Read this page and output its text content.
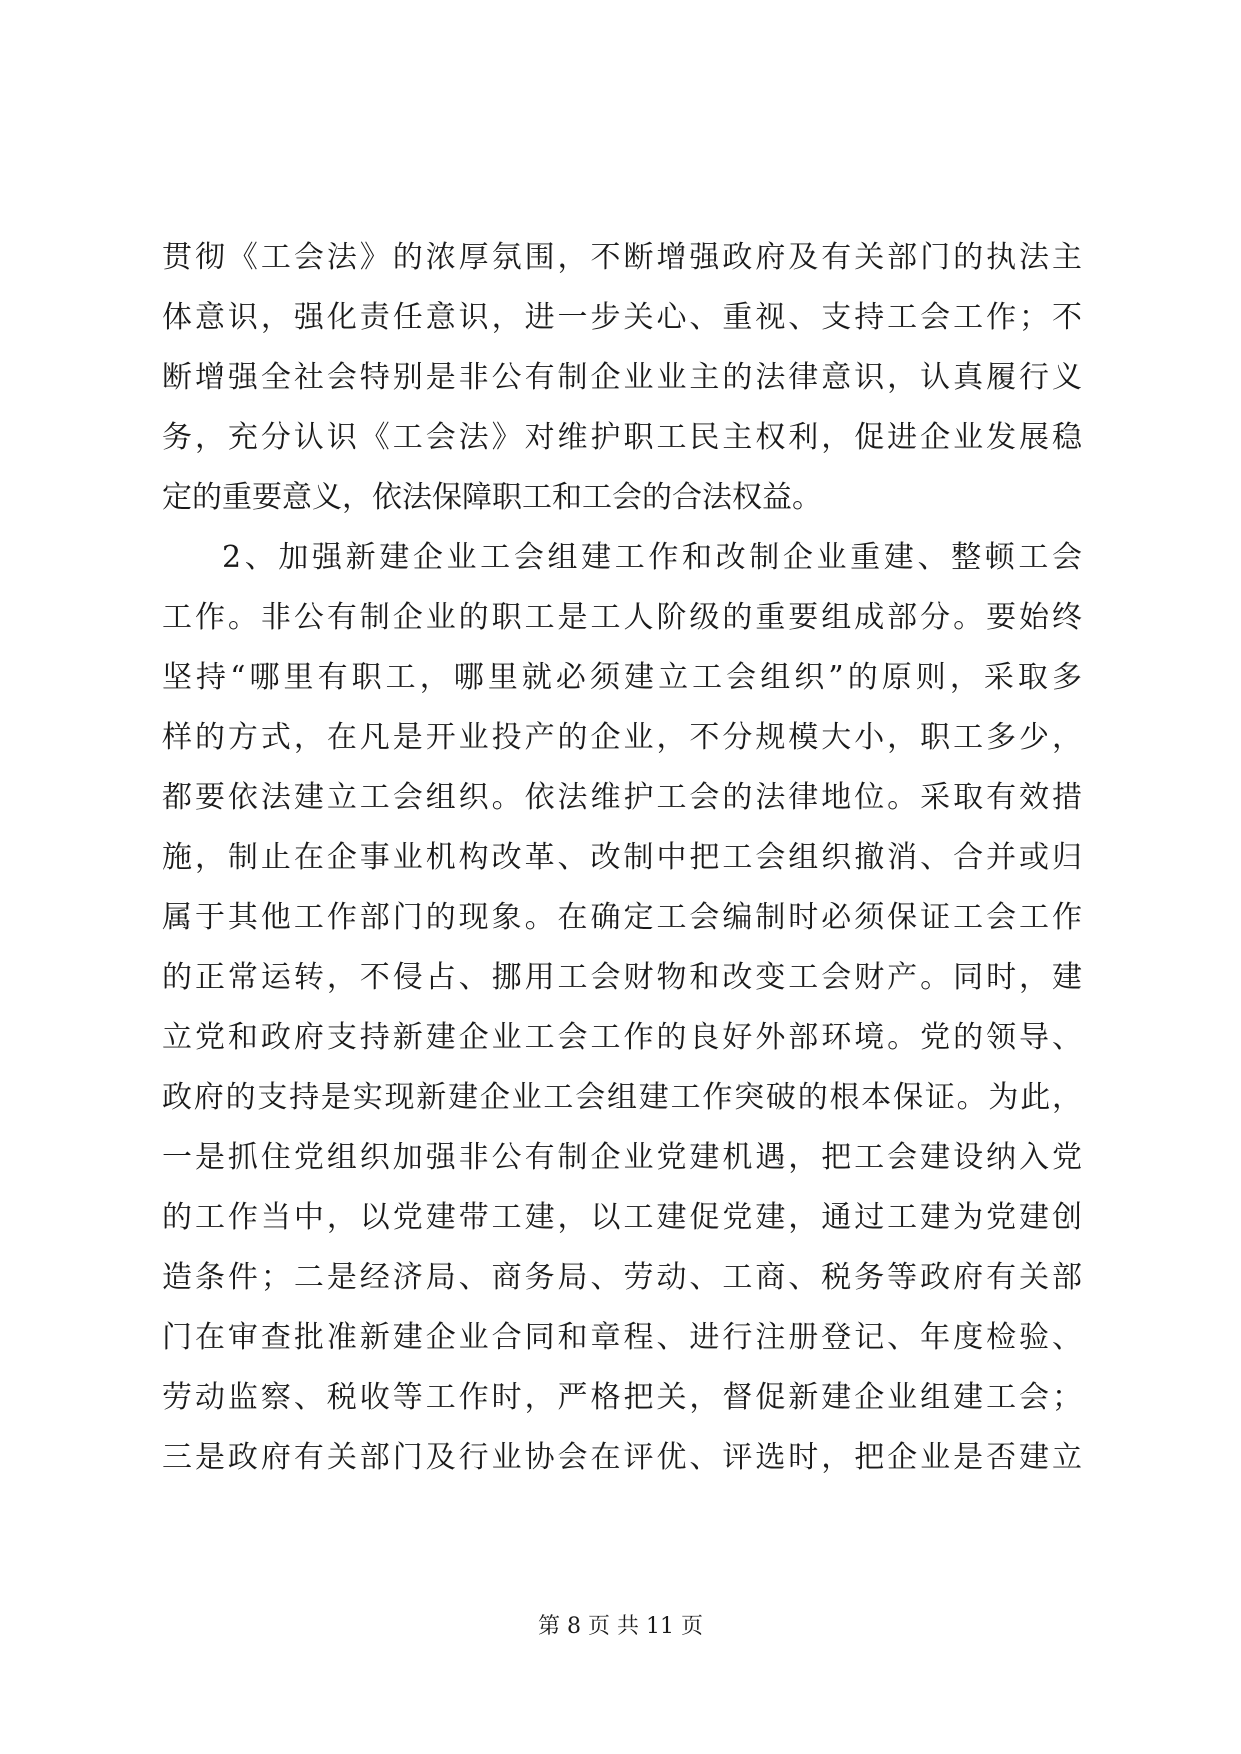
贯彻《工会法》的浓厚氛围，不断增强政府及有关部门的执法主
体意识，强化责任意识，进一步关心、重视、支持工会工作；不
断增强全社会特别是非公有制企业业主的法律意识，认真履行义
务，充分认识《工会法》对维护职工民主权利，促进企业发展稳
定的重要意义，依法保障职工和工会的合法权益。
2、加强新建企业工会组建工作和改制企业重建、整顿工会
工作。非公有制企业的职工是工人阶级的重要组成部分。要始终
坚持“哪里有职工，哪里就必须建立工会组织”的原则，采取多
样的方式，在凡是开业投产的企业，不分规模大小，职工多少，
都要依法建立工会组织。依法维护工会的法律地位。采取有效措
施，制止在企事业机构改革、改制中把工会组织撤消、合并或归
属于其他工作部门的现象。在确定工会编制时必须保证工会工作
的正常运转，不侵占、挪用工会财物和改变工会财产。同时，建
立党和政府支持新建企业工会工作的良好外部环境。党的领导、
政府的支持是实现新建企业工会组建工作突破的根本保证。为此，
一是抓住党组织加强非公有制企业党建机遇，把工会建设纳入党
的工作当中，以党建带工建，以工建促党建，通过工建为党建创
造条件；二是经济局、商务局、劳动、工商、税务等政府有关部
门在审查批准新建企业合同和章程、进行注册登记、年度检验、
劳动监察、税收等工作时，严格把关，督促新建企业组建工会；
三是政府有关部门及行业协会在评优、评选时，把企业是否建立
第 8 页 共 11 页
